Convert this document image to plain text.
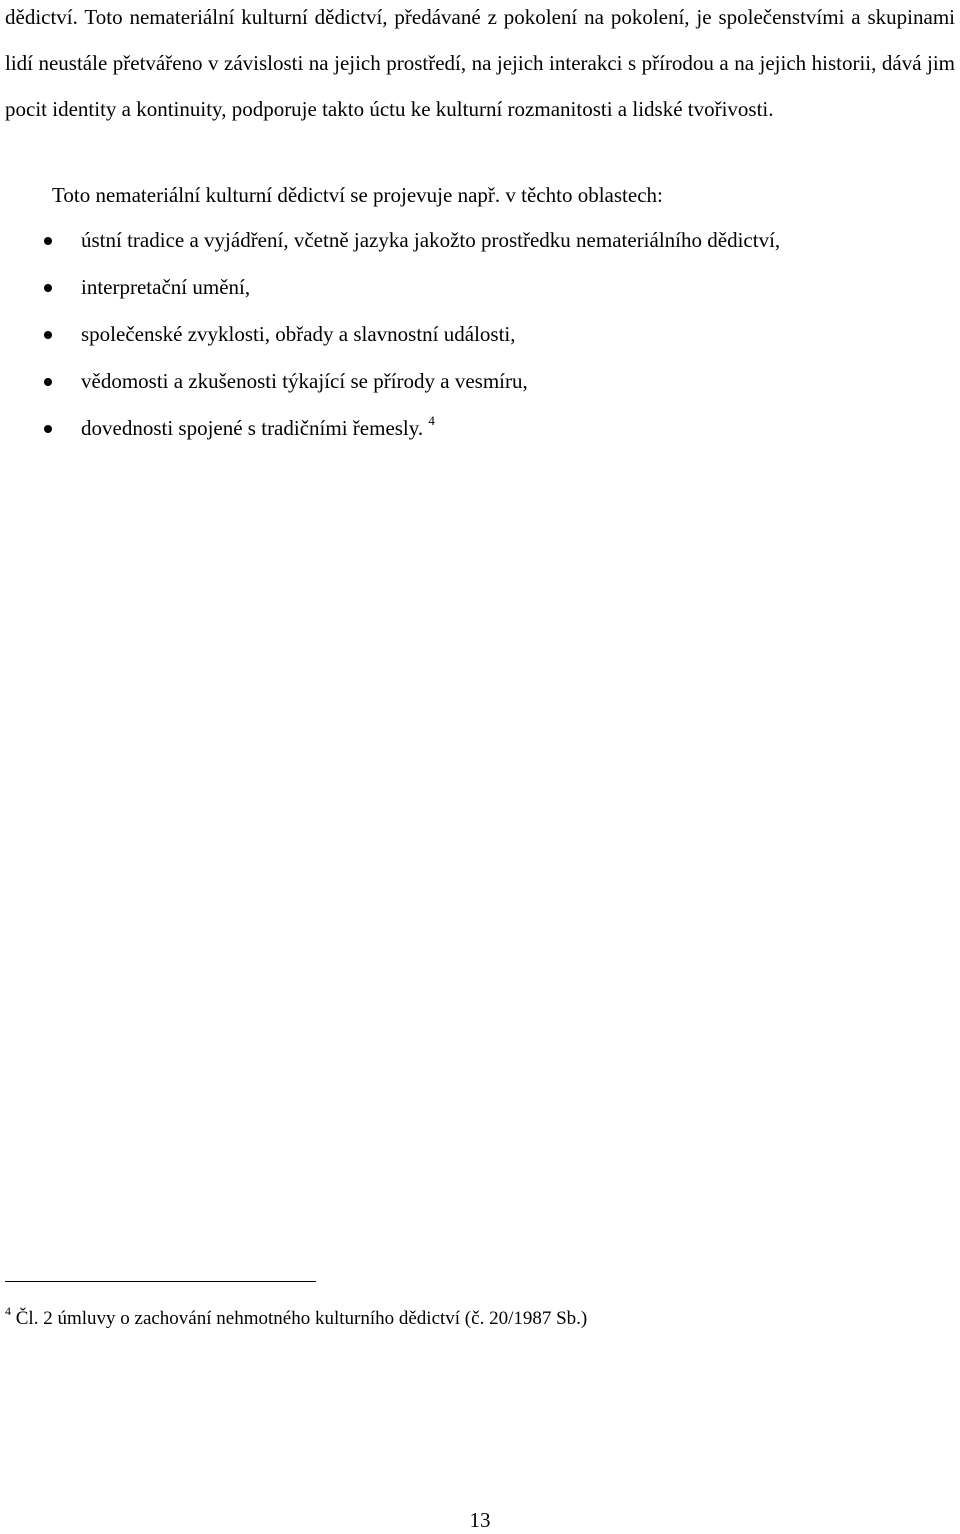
dědictví. Toto nemateriální kulturní dědictví, předávané z pokolení na pokolení, je společenstvími a skupinami lidí neustále přetvářeno v závislosti na jejich prostředí, na jejich interakci s přírodou a na jejich historii, dává jim pocit identity a kontinuity, podporuje takto úctu ke kulturní rozmanitosti a lidské tvořivosti.

Toto nemateriální kulturní dědictví se projevuje např. v těchto oblastech:

ústní tradice a vyjádření, včetně jazyka jakožto prostředku nemateriálního dědictví,
interpretační umění,
společenské zvyklosti, obřady a slavnostní události,
vědomosti a zkušenosti týkající se přírody a vesmíru,
dovednosti spojené s tradičními řemesly. $^4$
$^4$ Čl. 2 úmluvy o zachování nehmotného kulturního dědictví (č. 20/1987 Sb.)
13
